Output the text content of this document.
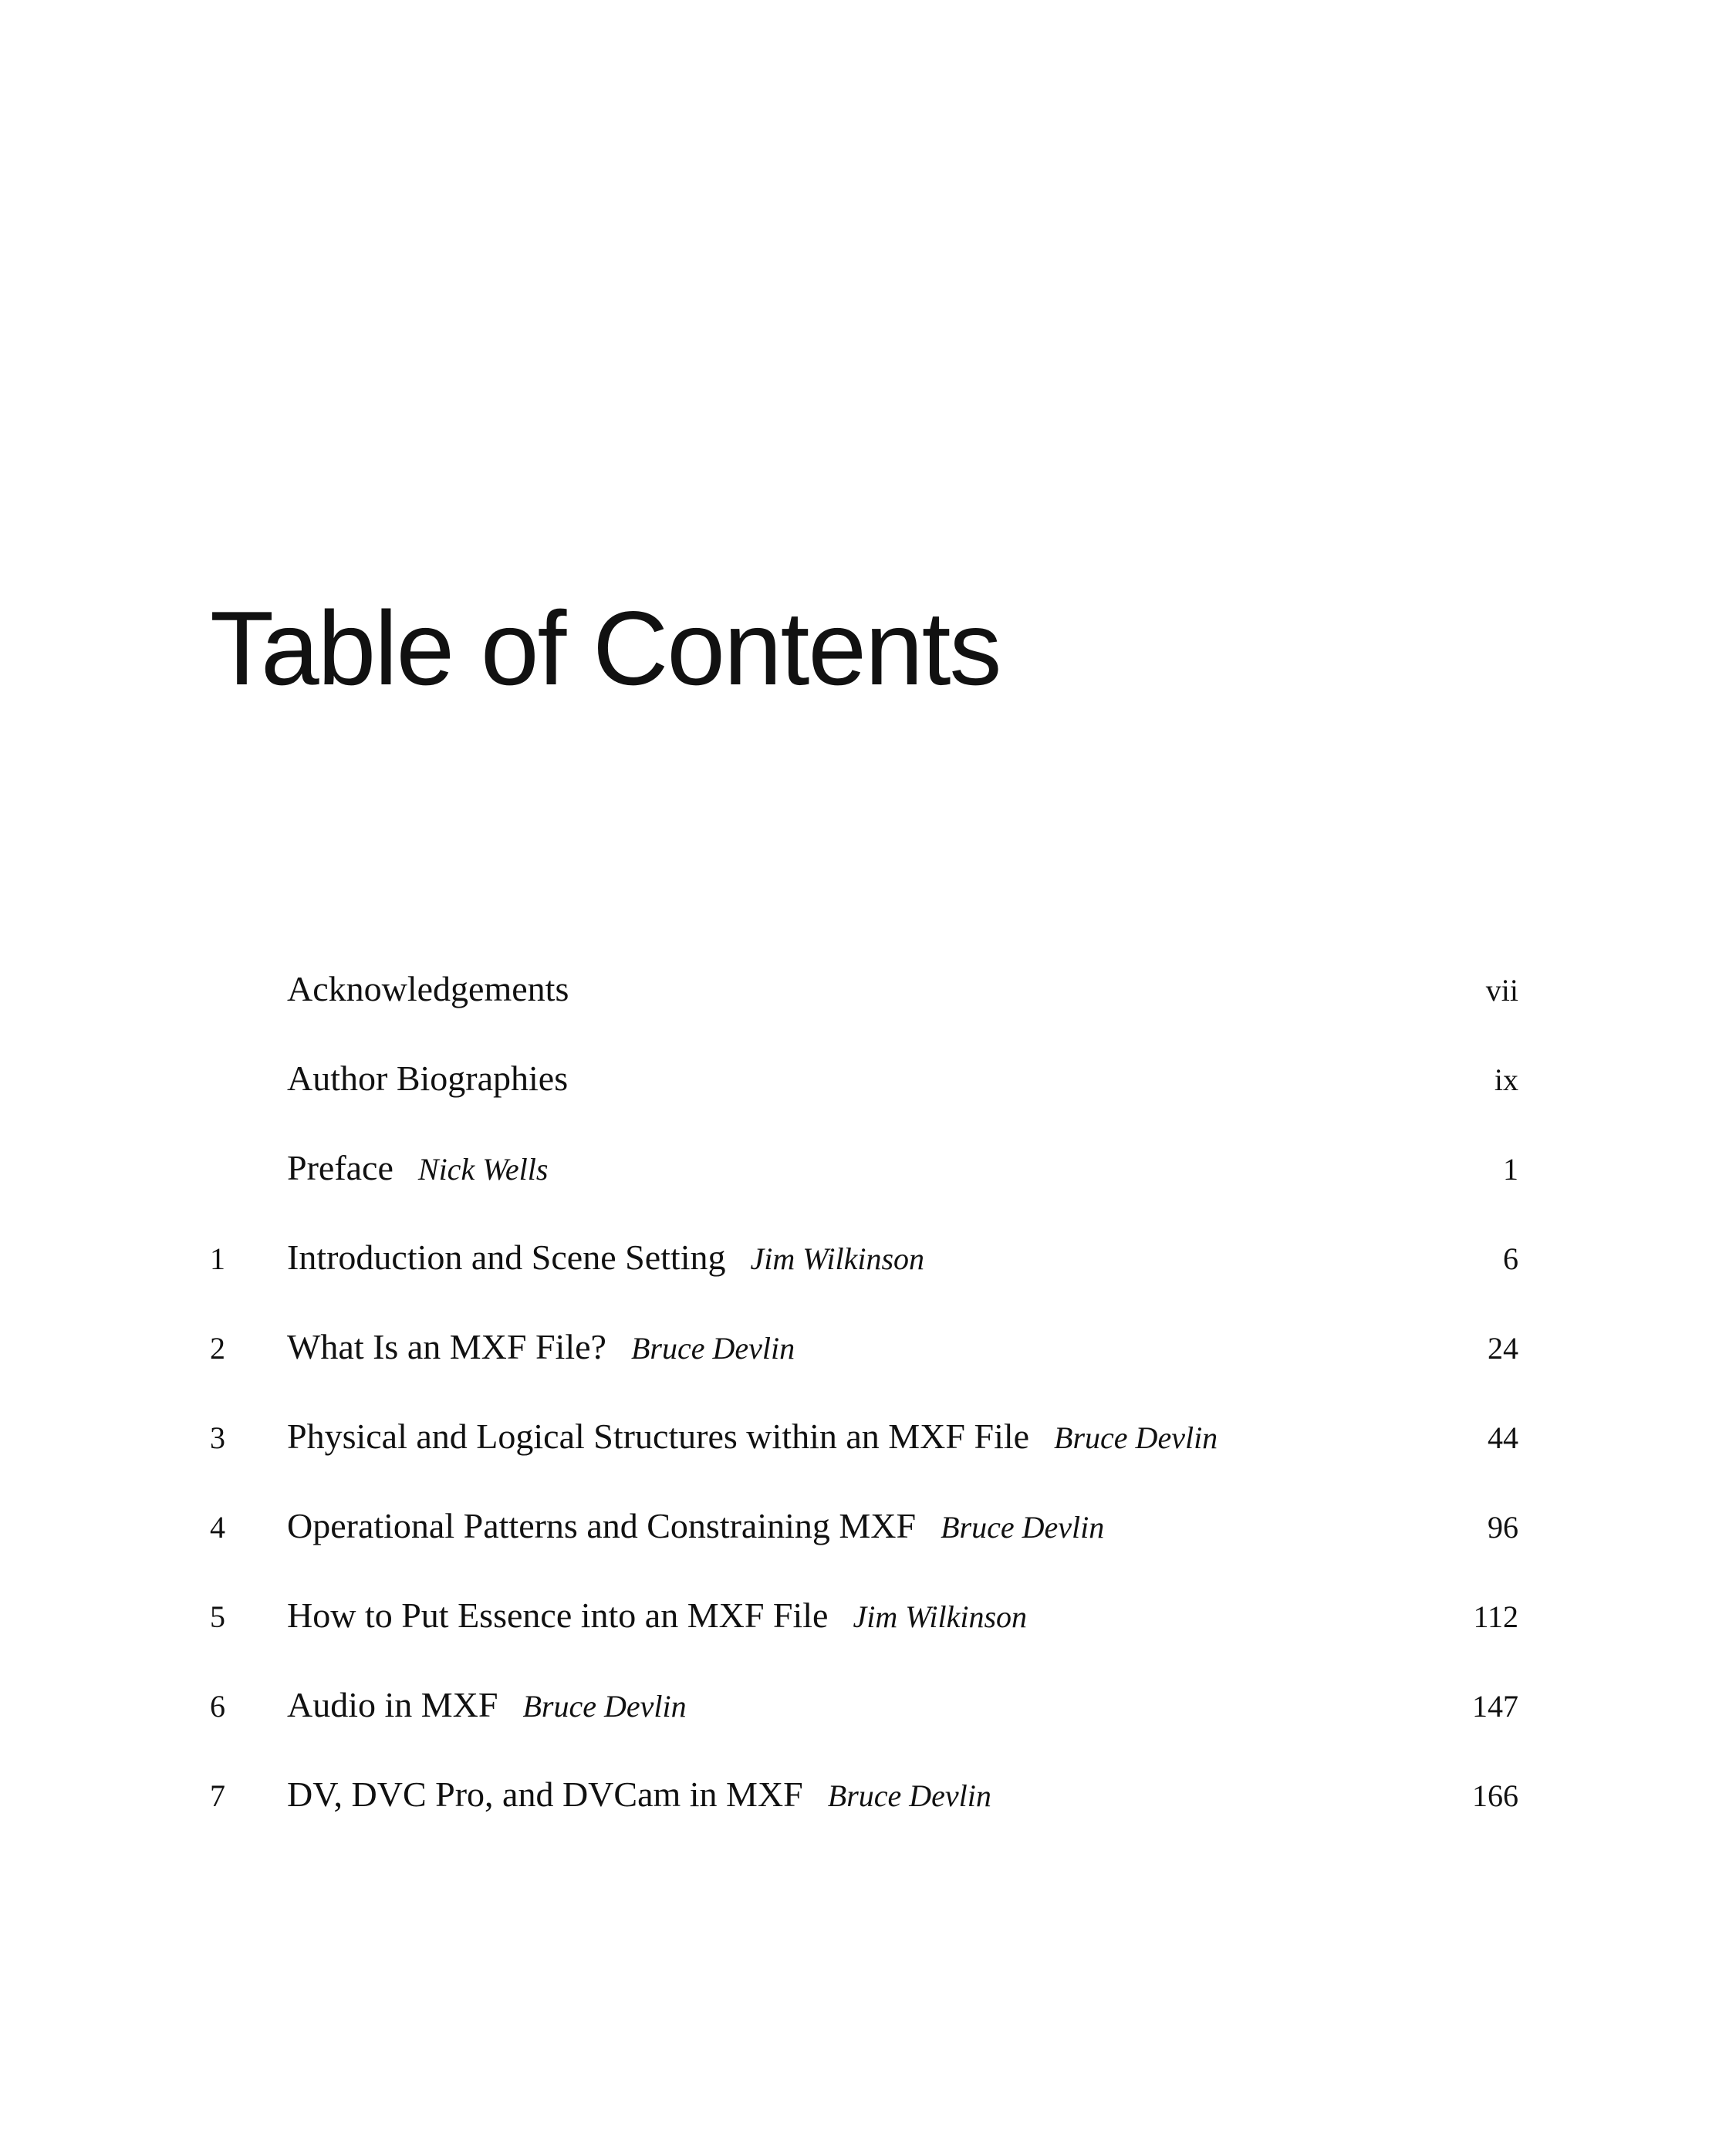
Table of Contents
Acknowledgements	vii
Author Biographies	ix
Preface Nick Wells	1
1	Introduction and Scene Setting Jim Wilkinson	6
2	What Is an MXF File? Bruce Devlin	24
3	Physical and Logical Structures within an MXF File Bruce Devlin	44
4	Operational Patterns and Constraining MXF Bruce Devlin	96
5	How to Put Essence into an MXF File Jim Wilkinson	112
6	Audio in MXF Bruce Devlin	147
7	DV, DVC Pro, and DVCam in MXF Bruce Devlin	166
